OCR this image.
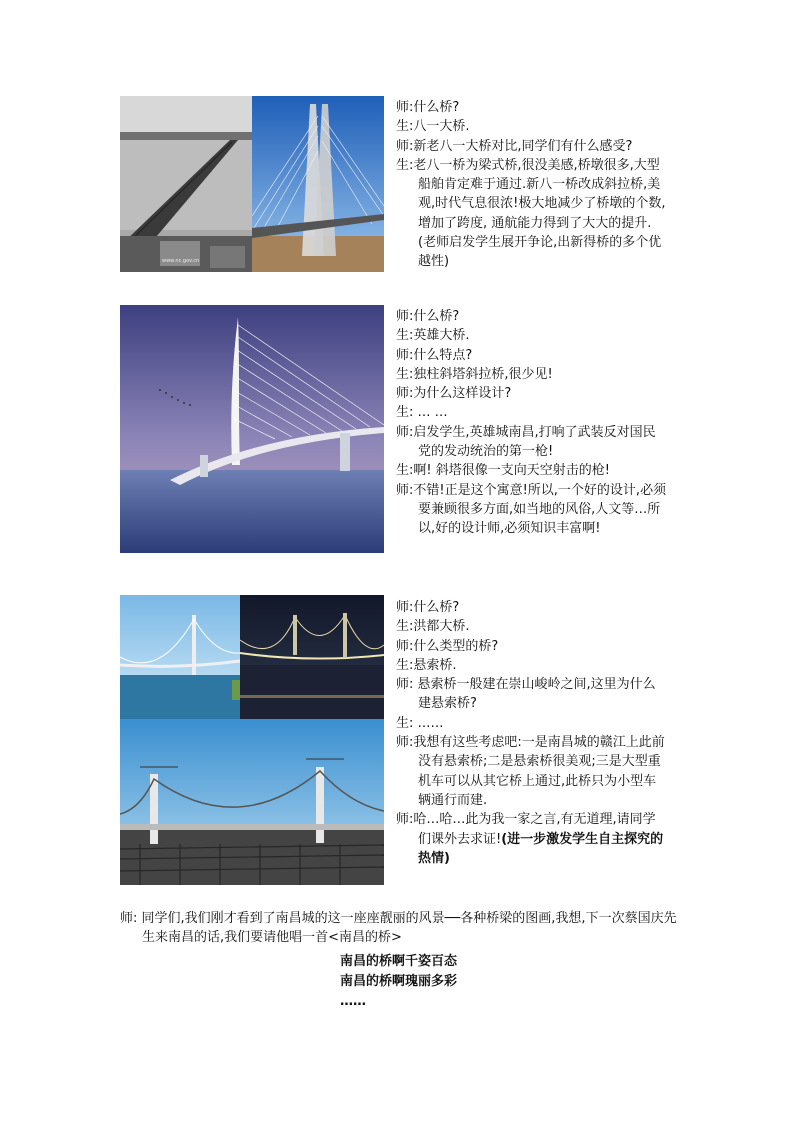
www.nc.gov.cn
师:什么桥?
生:八一大桥.
师:新老八一大桥对比,同学们有什么感受?
生:老八一桥为梁式桥,很没美感,桥墩很多,大型船舶肯定难于通过.新八一桥改成斜拉桥,美观,时代气息很浓!极大地减少了桥墩的个数,增加了跨度, 通航能力得到了大大的提升.(老师启发学生展开争论,出新得桥的多个优越性)
师:什么桥?
生:英雄大桥.
师:什么特点?
生:独柱斜塔斜拉桥,很少见!
师:为什么这样设计?
生: … …
师:启发学生,英雄城南昌,打响了武装反对国民党的发动统治的第一枪!
生:啊! 斜塔很像一支向天空射击的枪!
师:不错!正是这个寓意!所以,一个好的设计,必须要兼顾很多方面,如当地的风俗,人文等…所以,好的设计师,必须知识丰富啊!
师:什么桥?
生:洪都大桥.
师:什么类型的桥?
生:悬索桥.
师: 悬索桥一般建在崇山峻岭之间,这里为什么建悬索桥?
生: ……
师:我想有这些考虑吧:一是南昌城的赣江上此前没有悬索桥;二是悬索桥很美观;三是大型重机车可以从其它桥上通过,此桥只为小型车辆通行而建.
师:哈…哈…此为我一家之言,有无道理,请同学们课外去求证!(进一步激发学生自主探究的热情)

师: 同学们,我们刚才看到了南昌城的这一座座靓丽的风景──各种桥梁的图画,我想,下一次蔡国庆先生来南昌的话,我们要请他唱一首<南昌的桥>

南昌的桥啊千姿百态
南昌的桥啊瑰丽多彩
……
